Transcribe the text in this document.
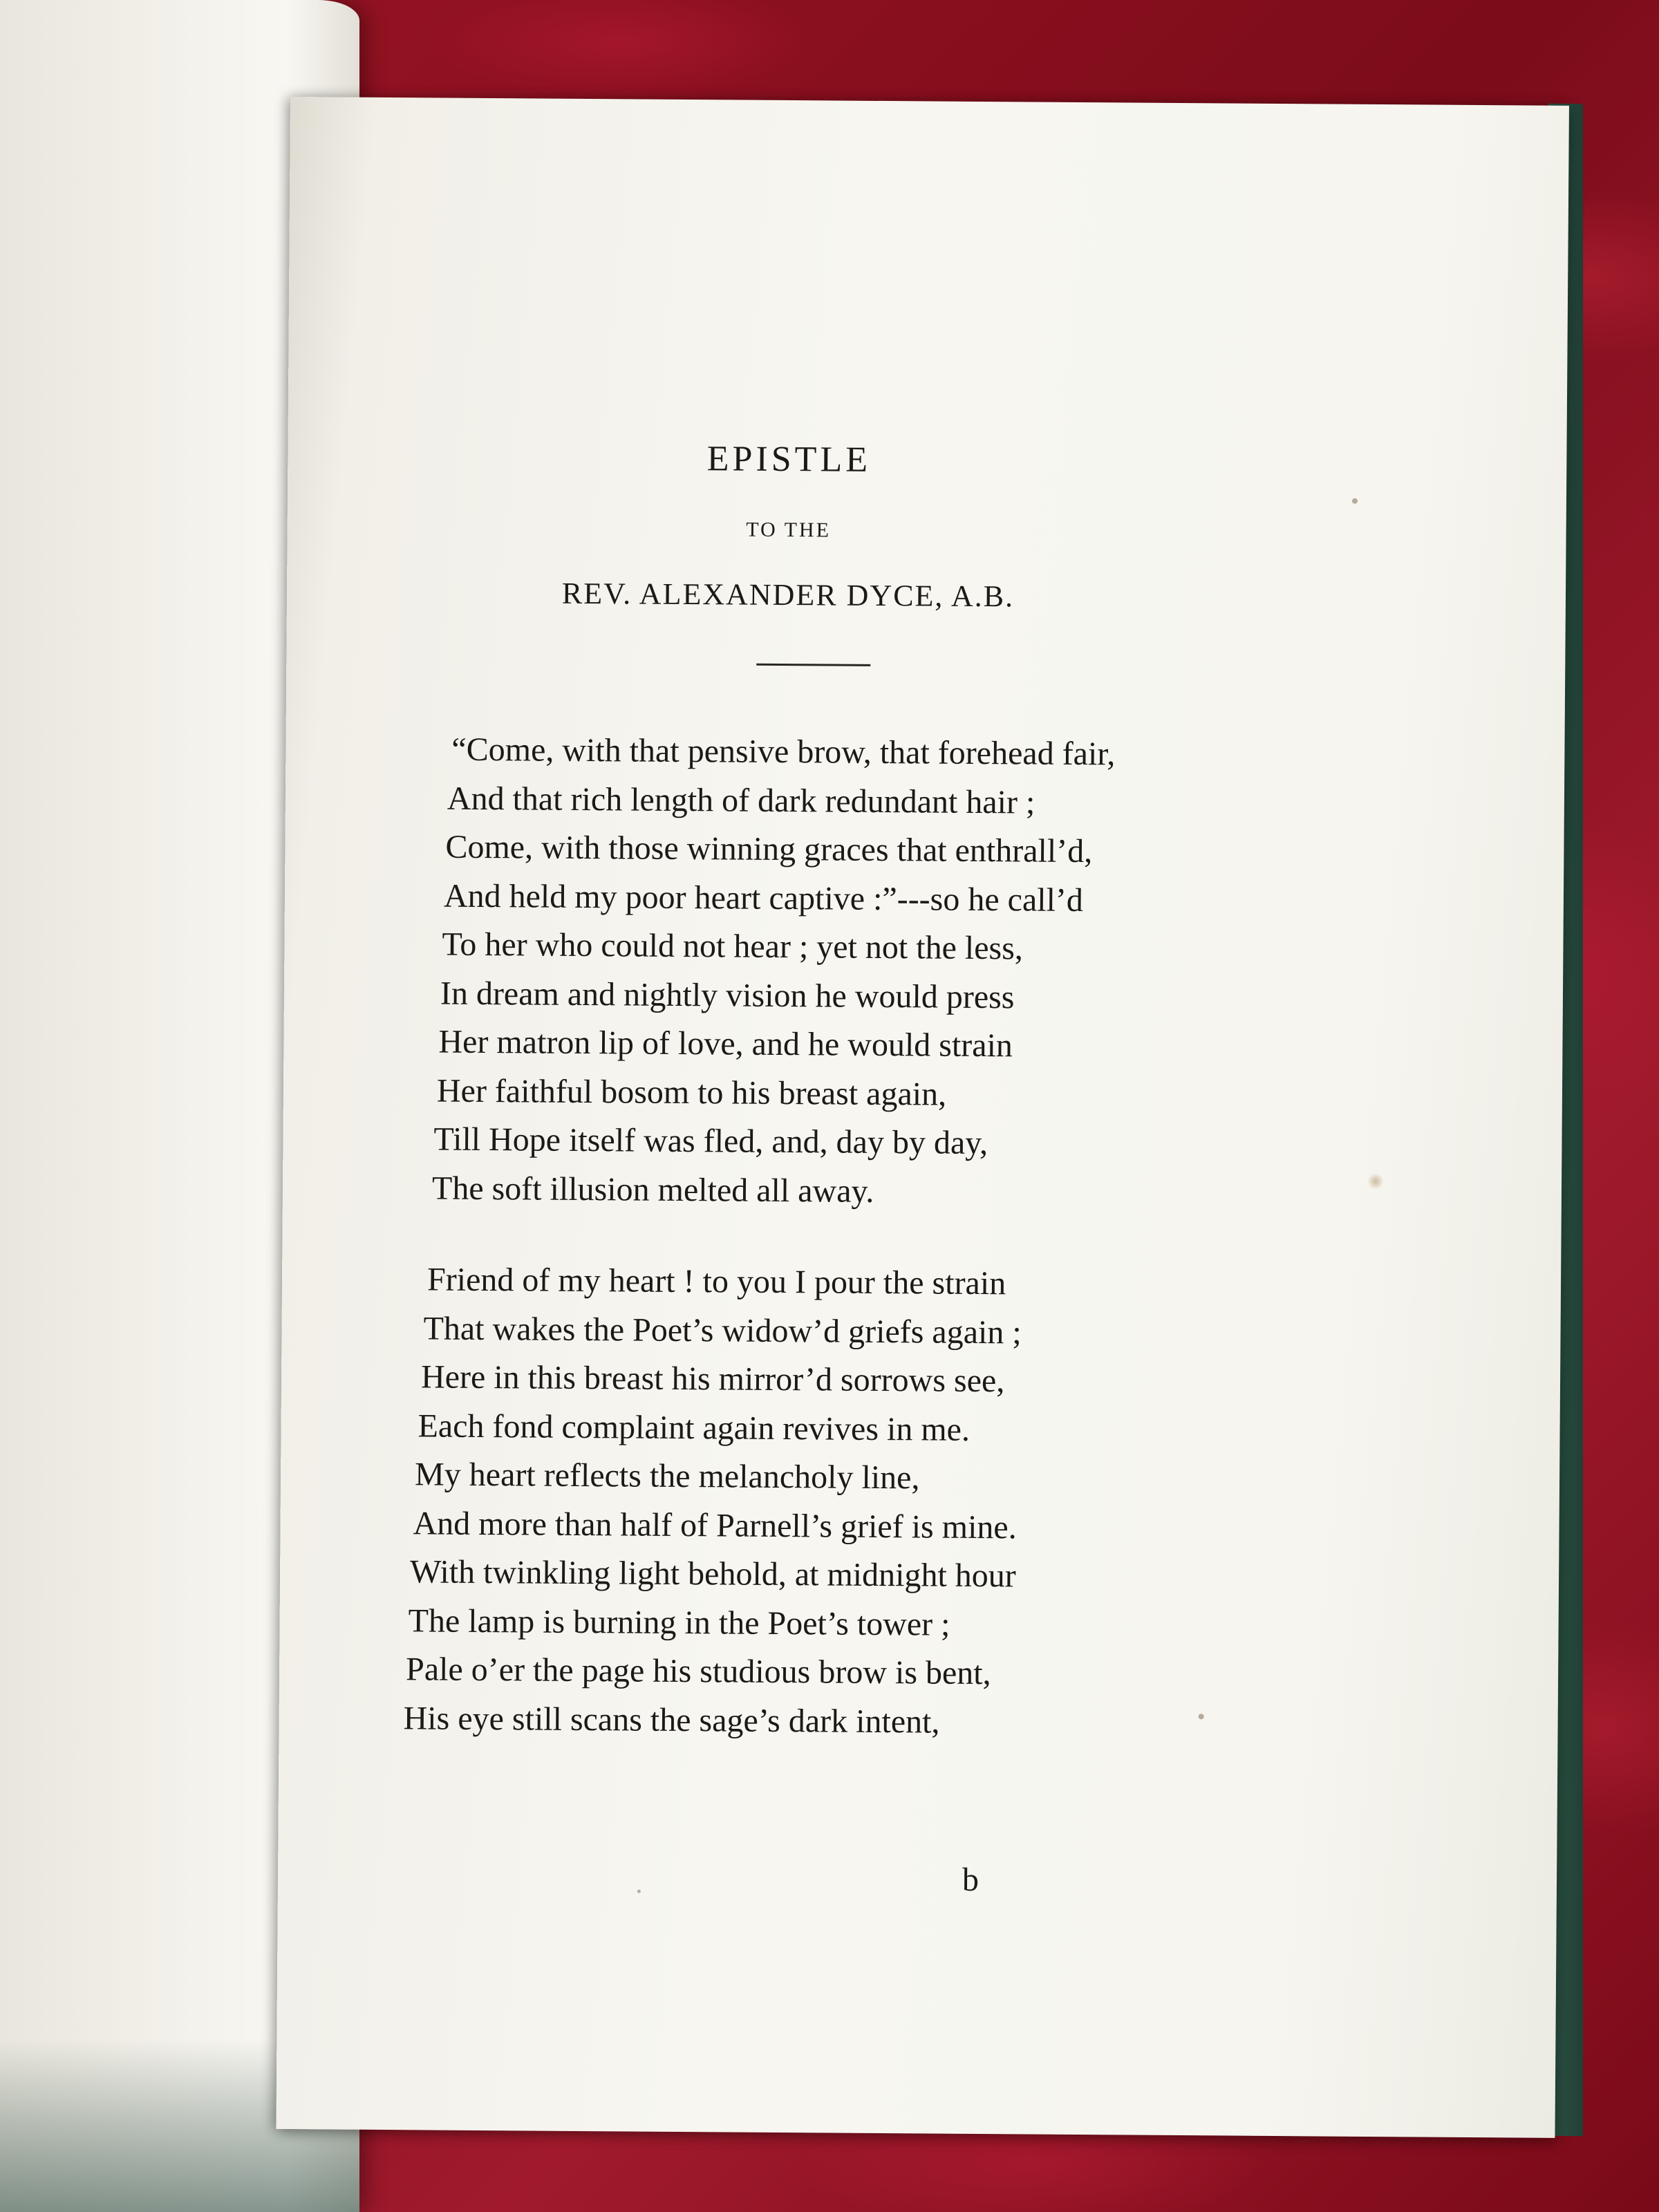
EPISTLE
TO THE
REV. ALEXANDER DYCE, A.B.
“Come, with that pensive brow, that forehead fair,
And that rich length of dark redundant hair ;
Come, with those winning graces that enthrall’d,
And held my poor heart captive :”---so he call’d
To her who could not hear ; yet not the less,
In dream and nightly vision he would press
Her matron lip of love, and he would strain
Her faithful bosom to his breast again,
Till Hope itself was fled, and, day by day,
The soft illusion melted all away.
Friend of my heart ! to you I pour the strain
That wakes the Poet’s widow’d griefs again ;
Here in this breast his mirror’d sorrows see,
Each fond complaint again revives in me.
My heart reflects the melancholy line,
And more than half of Parnell’s grief is mine.
With twinkling light behold, at midnight hour
The lamp is burning in the Poet’s tower ;
Pale o’er the page his studious brow is bent,
His eye still scans the sage’s dark intent,
b
